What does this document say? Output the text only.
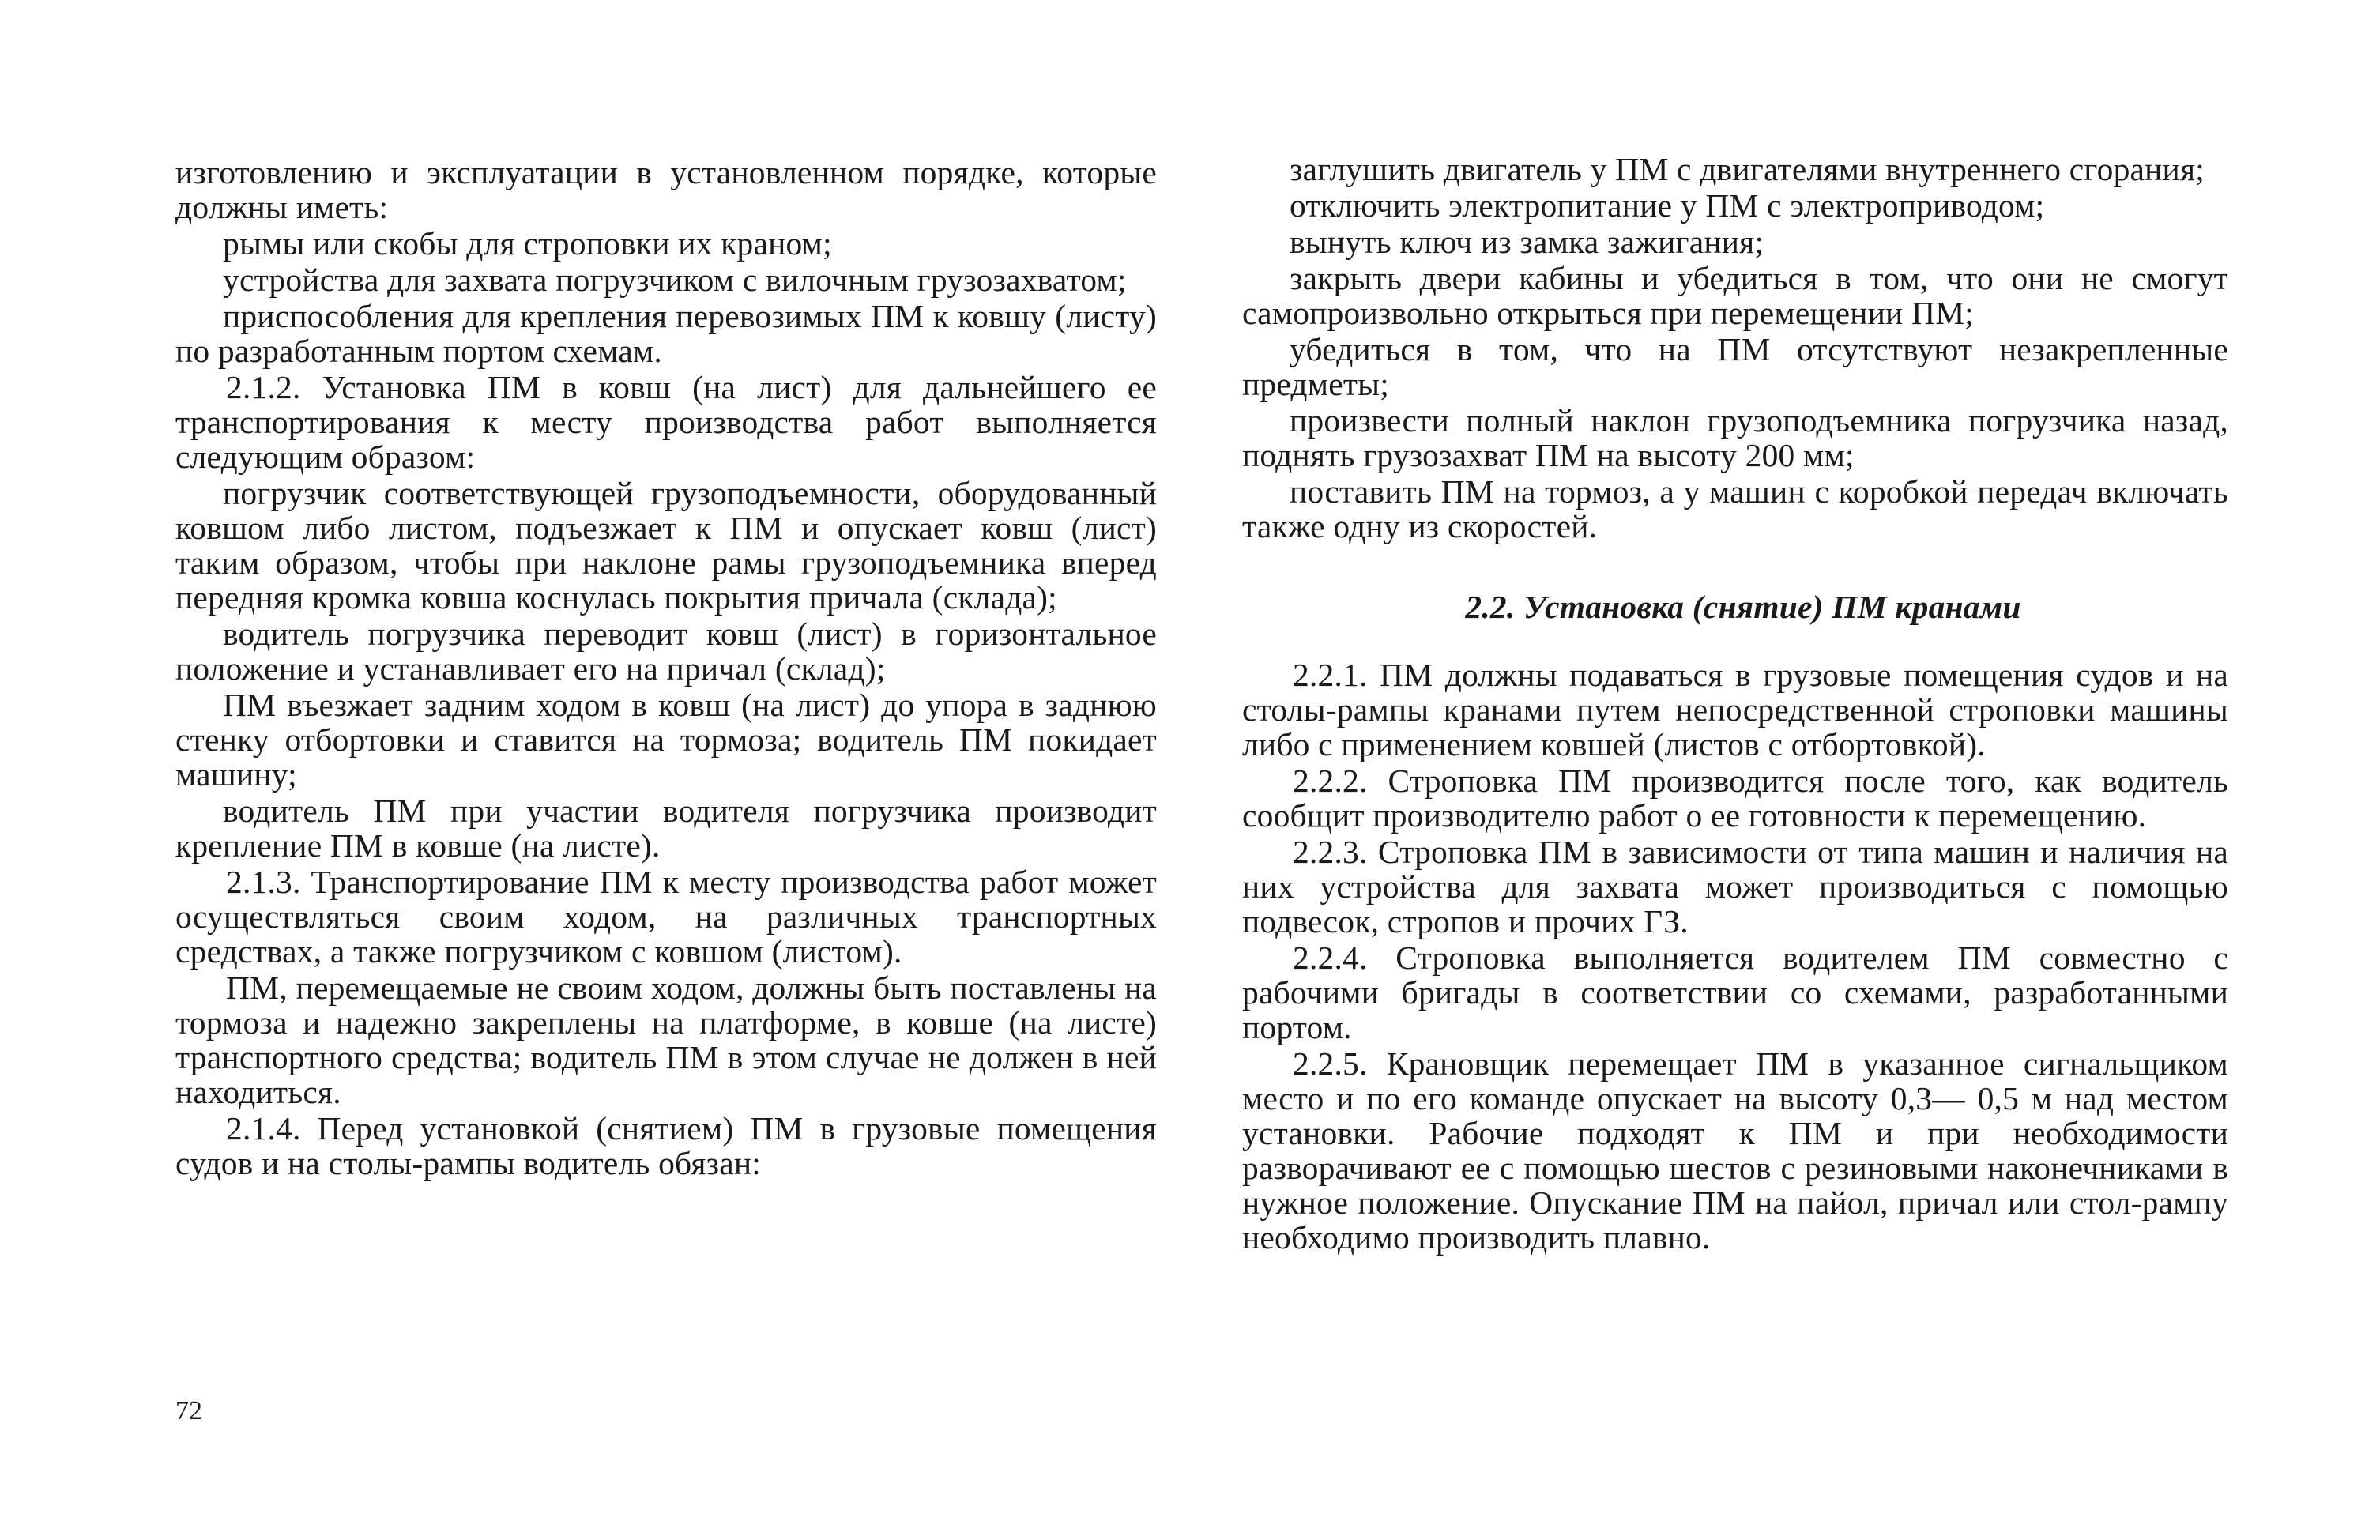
изготовлению и эксплуатации в установленном порядке, которые должны иметь:

рымы или скобы для строповки их краном;

устройства для захвата погрузчиком с вилочным грузозахватом;

приспособления для крепления перевозимых ПМ к ковшу (листу) по разработанным портом схемам.

2.1.2. Установка ПМ в ковш (на лист) для дальнейшего ее транспортирования к месту производства работ выполняется следующим образом:

погрузчик соответствующей грузоподъемности, оборудованный ковшом либо листом, подъезжает к ПМ и опускает ковш (лист) таким образом, чтобы при наклоне рамы грузоподъемника вперед передняя кромка ковша коснулась покрытия причала (склада);

водитель погрузчика переводит ковш (лист) в горизонтальное положение и устанавливает его на причал (склад);

ПМ въезжает задним ходом в ковш (на лист) до упора в заднюю стенку отбортовки и ставится на тормоза; водитель ПМ покидает машину;

водитель ПМ при участии водителя погрузчика производит крепление ПМ в ковше (на листе).

2.1.3. Транспортирование ПМ к месту производства работ может осуществляться своим ходом, на различных транспортных средствах, а также погрузчиком с ковшом (листом).

ПМ, перемещаемые не своим ходом, должны быть поставлены на тормоза и надежно закреплены на платформе, в ковше (на листе) транспортного средства; водитель ПМ в этом случае не должен в ней находиться.

2.1.4. Перед установкой (снятием) ПМ в грузовые помещения судов и на столы-рампы водитель обязан:

72

заглушить двигатель у ПМ с двигателями внутреннего сгорания;

отключить электропитание у ПМ с электроприводом;

вынуть ключ из замка зажигания;

закрыть двери кабины и убедиться в том, что они не смогут самопроизвольно открыться при перемещении ПМ;

убедиться в том, что на ПМ отсутствуют незакрепленные предметы;

произвести полный наклон грузоподъемника погрузчика назад, поднять грузозахват ПМ на высоту 200 мм;

поставить ПМ на тормоз, а у машин с коробкой передач включать также одну из скоростей.

2.2. Установка (снятие) ПМ кранами

2.2.1. ПМ должны подаваться в грузовые помещения судов и на столы-рампы кранами путем непосредственной строповки машины либо с применением ковшей (листов с отбортовкой).

2.2.2. Строповка ПМ производится после того, как водитель сообщит производителю работ о ее готовности к перемещению.

2.2.3. Строповка ПМ в зависимости от типа машин и наличия на них устройства для захвата может производиться с помощью подвесок, стропов и прочих ГЗ.

2.2.4. Строповка выполняется водителем ПМ совместно с рабочими бригады в соответствии со схемами, разработанными портом.

2.2.5. Крановщик перемещает ПМ в указанное сигнальщиком место и по его команде опускает на высоту 0,3— 0,5 м над местом установки. Рабочие подходят к ПМ и при необходимости разворачивают ее с помощью шестов с резиновыми наконечниками в нужное положение. Опускание ПМ на пайол, причал или стол-рампу необходимо производить плавно.
